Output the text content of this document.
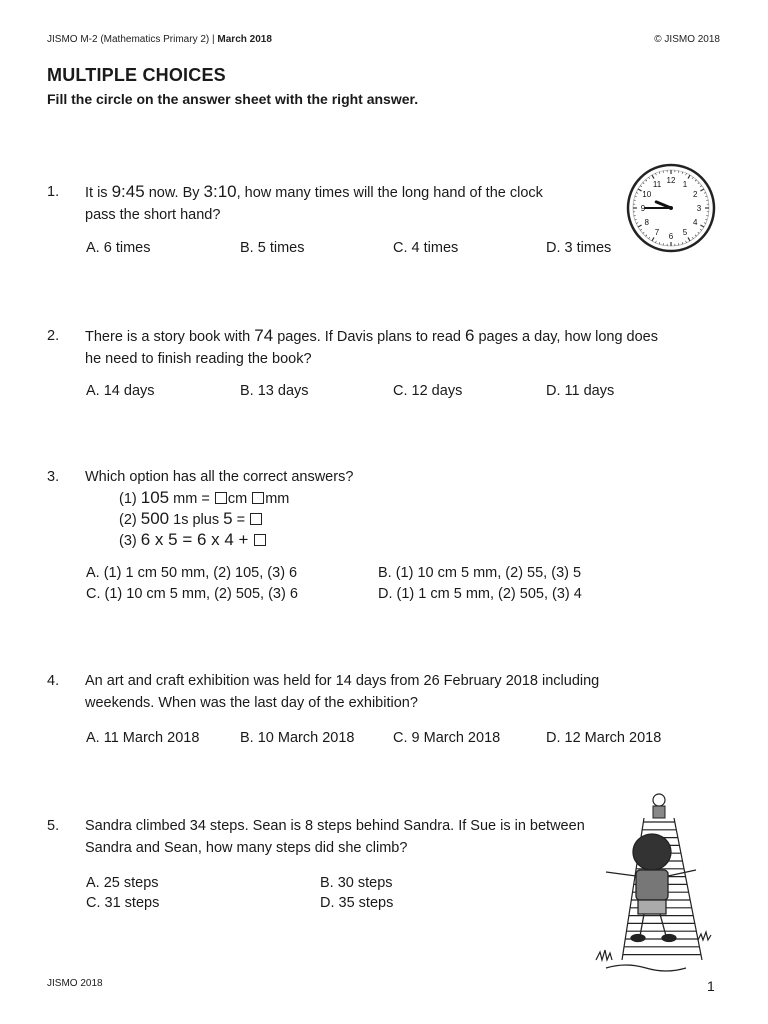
JISMO M-2 (Mathematics Primary 2) | March 2018	© JISMO 2018
MULTIPLE CHOICES
Fill the circle on the answer sheet with the right answer.
1. It is 9:45 now. By 3:10, how many times will the long hand of the clock
pass the short hand?
A. 6 times	B. 5 times	C. 4 times	D. 3 times
12 1
2
3
4
5
6
7
8
9
10
11
2. There is a story book with 74 pages. If Davis plans to read 6 pages a day, how long does
he need to finish reading the book?
A. 14 days	B. 13 days	C. 12 days	D. 11 days
3. Which option has all the correct answers?
(1) 105 mm = cm mm
(2) 500 1s plus 5 =
(3) 6 x 5 = 6 x 4 +
A. (1) 1 cm 50 mm, (2) 105, (3) 6	B. (1) 10 cm 5 mm, (2) 55, (3) 5
C. (1) 10 cm 5 mm, (2) 505, (3) 6	D. (1) 1 cm 5 mm, (2) 505, (3) 4
4. An art and craft exhibition was held for 14 days from 26 February 2018 including
weekends. When was the last day of the exhibition?
A. 11 March 2018	B. 10 March 2018	C. 9 March 2018	D. 12 March 2018
5. Sandra climbed 34 steps. Sean is 8 steps behind Sandra. If Sue is in between
Sandra and Sean, how many steps did she climb?
A. 25 steps	B. 30 steps
C. 31 steps	D. 35 steps
JISMO 2018	1
